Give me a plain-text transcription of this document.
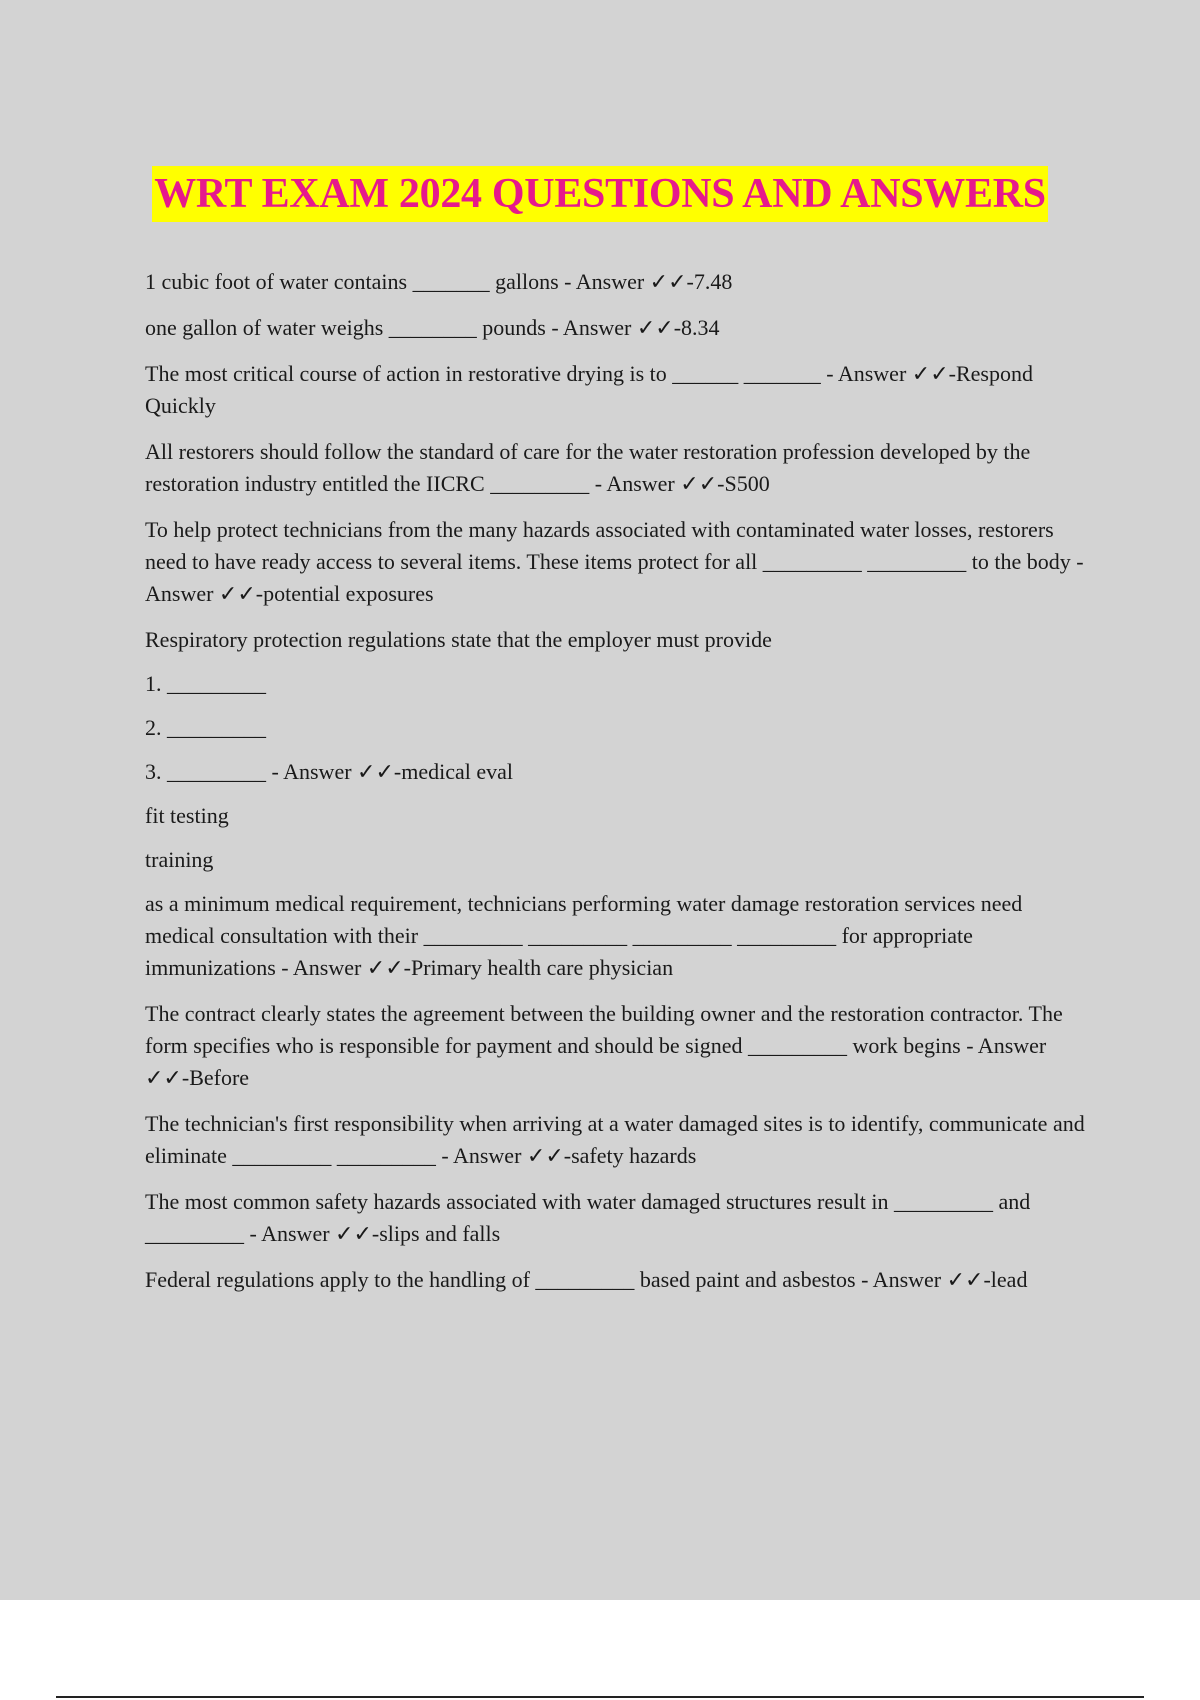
WRT EXAM 2024 QUESTIONS AND ANSWERS

1 cubic foot of water contains _______ gallons - Answer ✓✓-7.48

one gallon of water weighs ________ pounds - Answer ✓✓-8.34

The most critical course of action in restorative drying is to ______ _______ - Answer ✓✓-Respond Quickly

All restorers should follow the standard of care for the water restoration profession developed by the restoration industry entitled the IICRC _________ - Answer ✓✓-S500

To help protect technicians from the many hazards associated with contaminated water losses, restorers need to have ready access to several items. These items protect for all _________ _________ to the body - Answer ✓✓-potential exposures

Respiratory protection regulations state that the employer must provide

1. _________

2. _________

3. _________ - Answer ✓✓-medical eval

fit testing

training

as a minimum medical requirement, technicians performing water damage restoration services need medical consultation with their _________ _________ _________ _________ for appropriate immunizations - Answer ✓✓-Primary health care physician

The contract clearly states the agreement between the building owner and the restoration contractor. The form specifies who is responsible for payment and should be signed _________ work begins - Answer ✓✓-Before

The technician's first responsibility when arriving at a water damaged sites is to identify, communicate and eliminate _________ _________ - Answer ✓✓-safety hazards

The most common safety hazards associated with water damaged structures result in _________ and _________ - Answer ✓✓-slips and falls

Federal regulations apply to the handling of _________ based paint and asbestos - Answer ✓✓-lead
